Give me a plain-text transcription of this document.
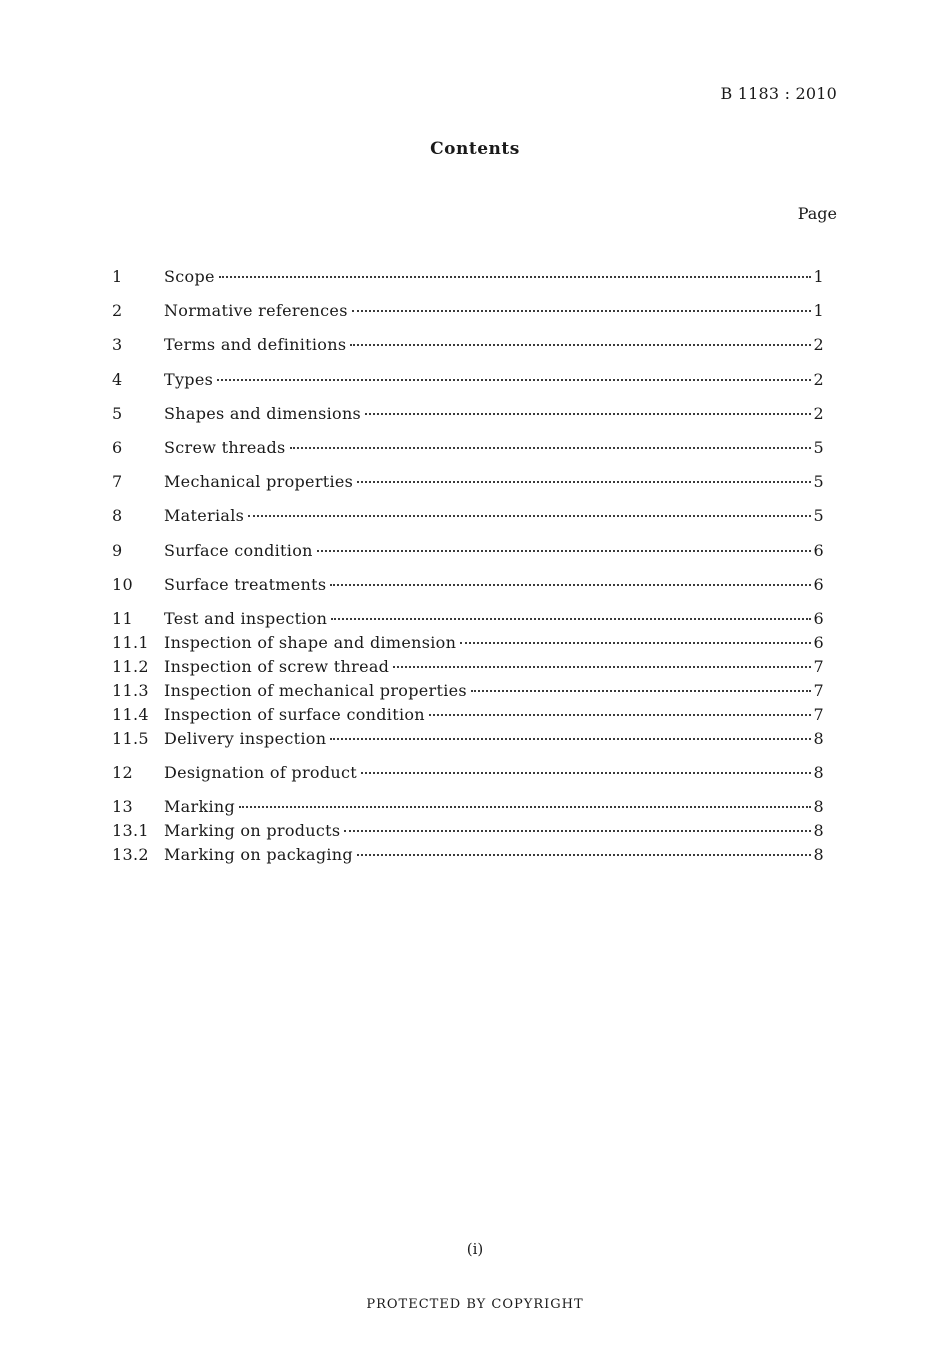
B 1183 : 2010
Contents
Page
1	Scope	1
2	Normative references	1
3	Terms and definitions	2
4	Types	2
5	Shapes and dimensions	2
6	Screw threads	5
7	Mechanical properties	5
8	Materials	5
9	Surface condition	6
10	Surface treatments	6
11	Test and inspection	6
11.1 Inspection of shape and dimension	6
11.2 Inspection of screw thread	7
11.3 Inspection of mechanical properties	7
11.4 Inspection of surface condition	7
11.5 Delivery inspection	8
12	Designation of product	8
13	Marking	8
13.1 Marking on products	8
13.2 Marking on packaging	8
(i)
PROTECTED BY COPYRIGHT
